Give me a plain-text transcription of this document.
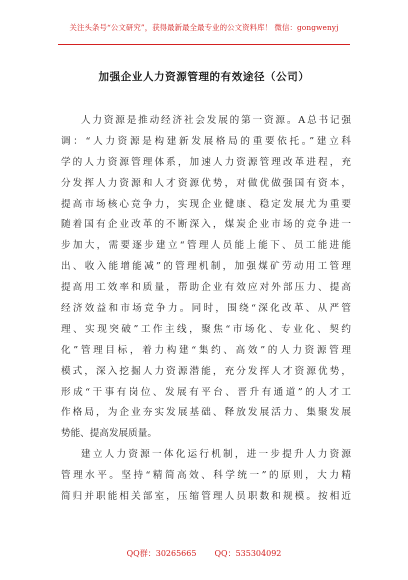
关注头条号“公文研究”，获得最新最全最专业的公文资料库！ 微信：gongwenyj
加强企业人力资源管理的有效途径（公司）
人力资源是推动经济社会发展的第一资源。A总书记强
调：“人力资源是构建新发展格局的重要依托。”建立科
学的人力资源管理体系，加速人力资源管理改革进程，充
分发挥人力资源和人才资源优势，对做优做强国有资本，
提高市场核心竞争力，实现企业健康、稳定发展尤为重要
随着国有企业改革的不断深入，煤炭企业市场的竞争进一
步加大，需要逐步建立“管理人员能上能下、员工能进能
出、收入能增能减”的管理机制，加强煤矿劳动用工管理
提高用工效率和质量，帮助企业有效应对外部压力、提高
经济效益和市场竞争力。同时，围绕“深化改革、从严管
理、实现突破”工作主线，聚焦“市场化、专业化、契约
化”管理目标，着力构建“集约、高效”的人力资源管理
模式，深入挖掘人力资源潜能，充分发挥人才资源优势，
形成“干事有岗位、发展有平台、晋升有通道”的人才工
作格局，为企业夯实发展基础、释放发展活力、集聚发展
势能、提高发展质量。
建立人力资源一体化运行机制，进一步提升人力资源
管理水平。坚持“精简高效、科学统一”的原则，大力精
简归并职能相关部室，压缩管理人员职数和规模。按相近
QQ群：30265665 QQ：535304092
